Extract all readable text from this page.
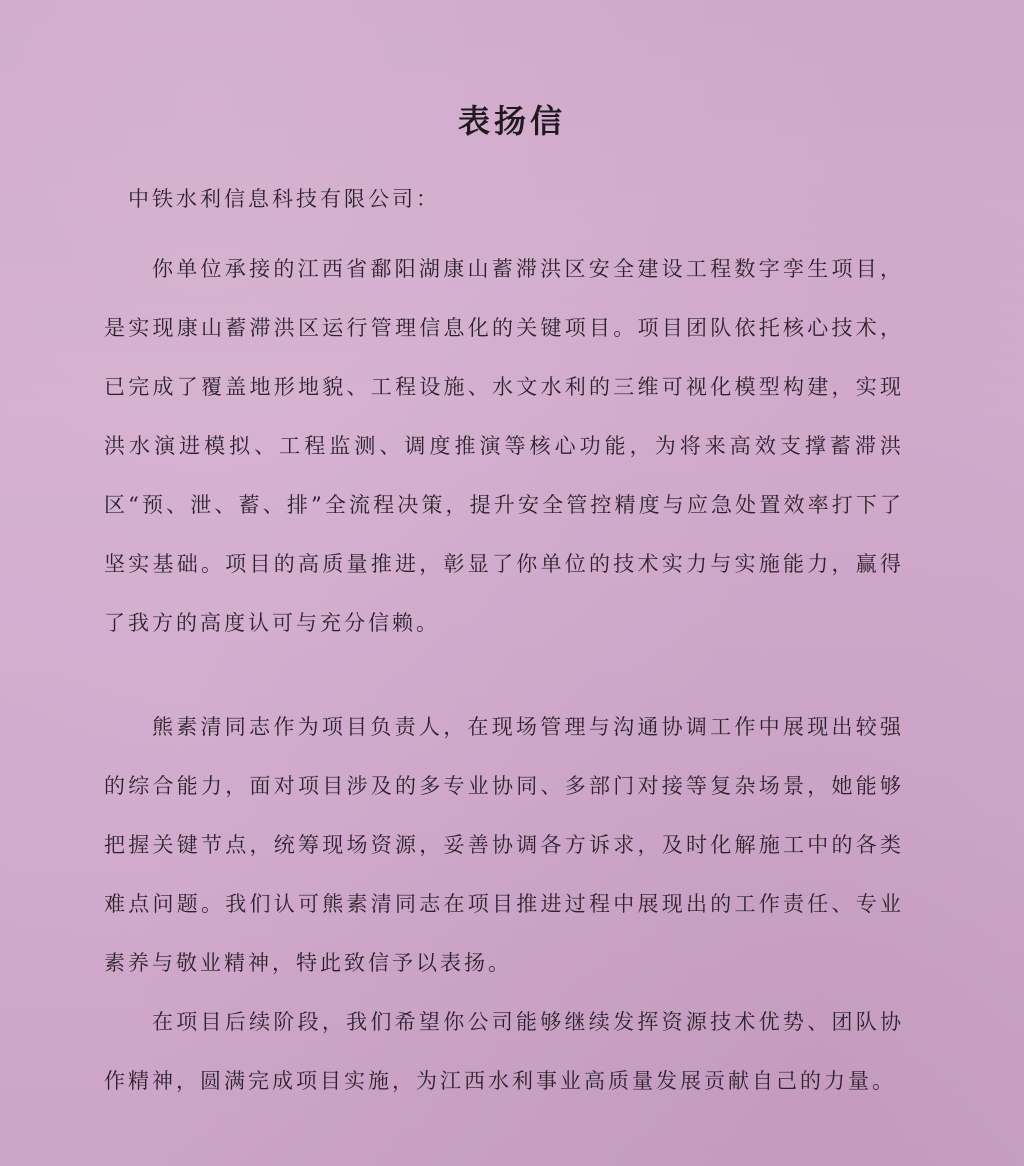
表扬信
中铁水利信息科技有限公司：
你单位承接的江西省鄱阳湖康山蓄滞洪区安全建设工程数字孪生项目，是实现康山蓄滞洪区运行管理信息化的关键项目。项目团队依托核心技术，已完成了覆盖地形地貌、工程设施、水文水利的三维可视化模型构建，实现洪水演进模拟、工程监测、调度推演等核心功能，为将来高效支撑蓄滞洪区“预、泄、蓄、排”全流程决策，提升安全管控精度与应急处置效率打下了坚实基础。项目的高质量推进，彰显了你单位的技术实力与实施能力，赢得了我方的高度认可与充分信赖。
熊素清同志作为项目负责人，在现场管理与沟通协调工作中展现出较强的综合能力，面对项目涉及的多专业协同、多部门对接等复杂场景，她能够把握关键节点，统筹现场资源，妥善协调各方诉求，及时化解施工中的各类难点问题。我们认可熊素清同志在项目推进过程中展现出的工作责任、专业素养与敬业精神，特此致信予以表扬。
在项目后续阶段，我们希望你公司能够继续发挥资源技术优势、团队协作精神，圆满完成项目实施，为江西水利事业高质量发展贡献自己的力量。
